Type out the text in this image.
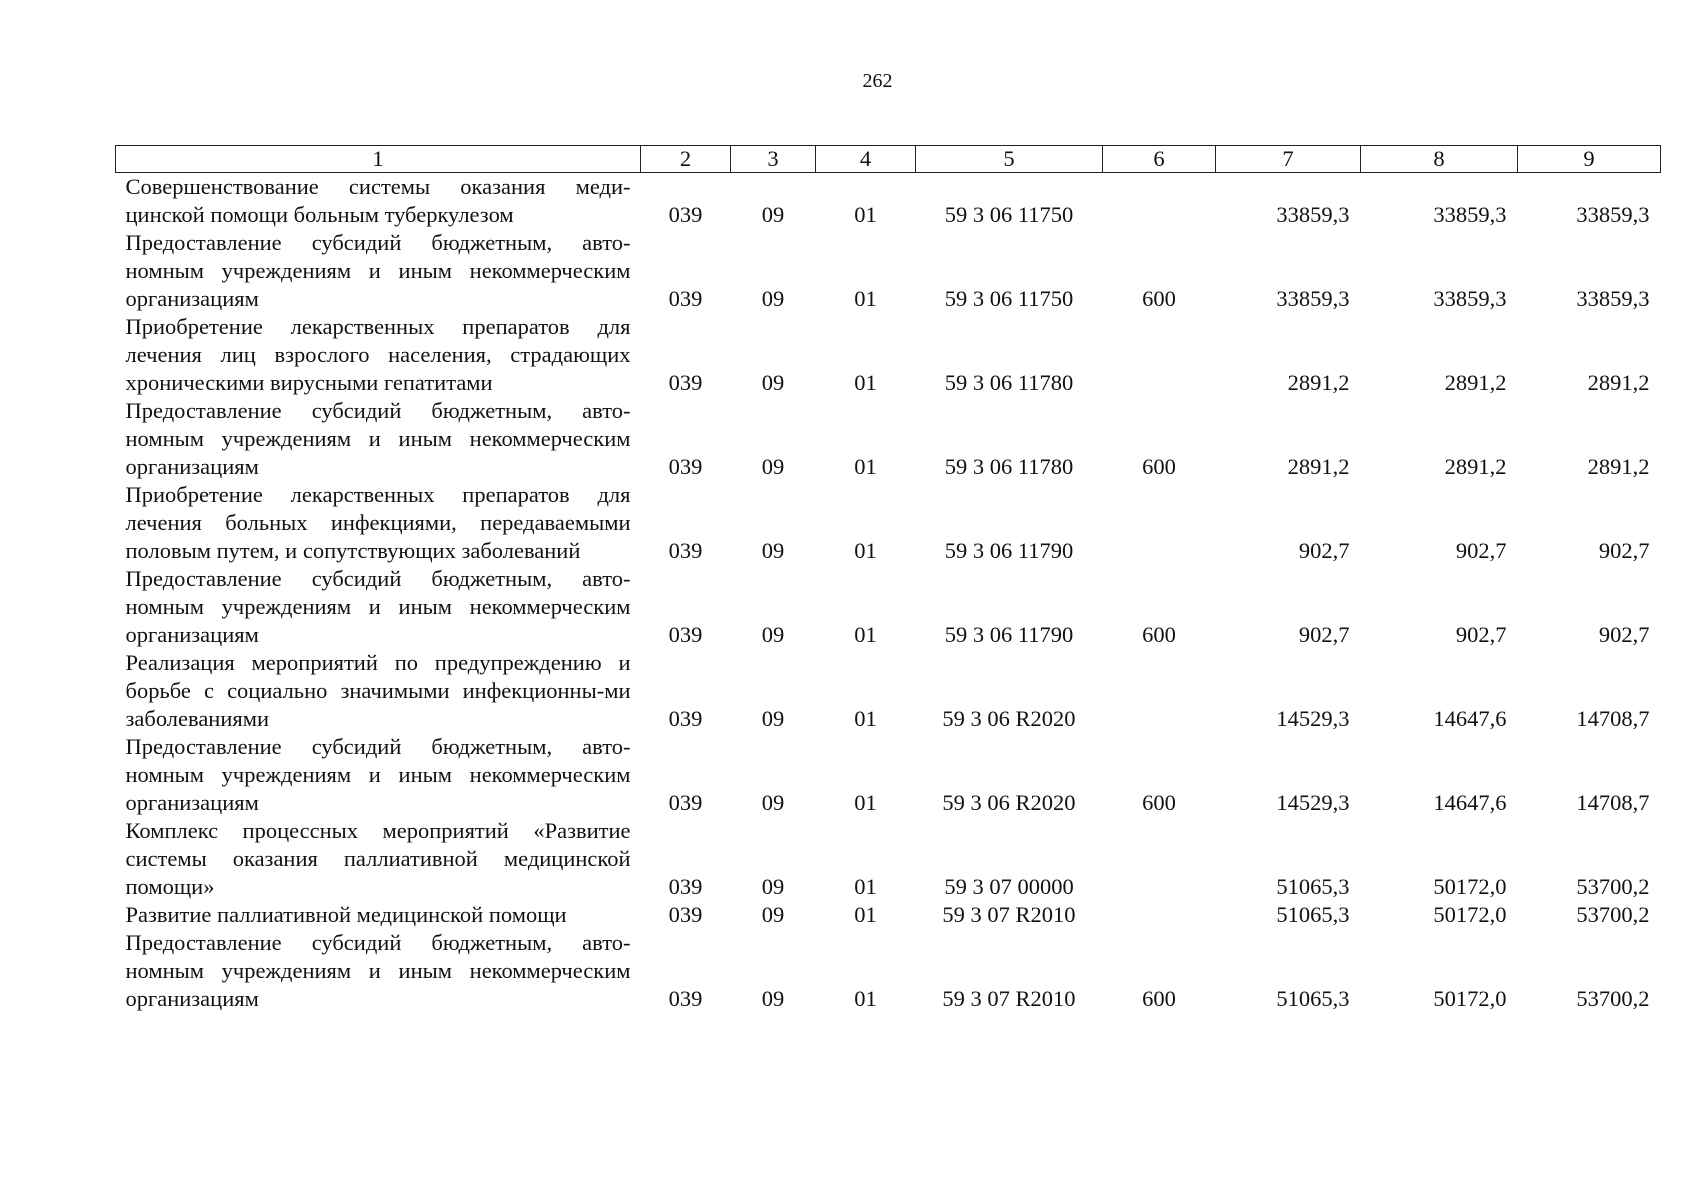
262
1	2	3	4	5	6	7	8	9
Совершенствование системы оказания меди-цинской помощи больным туберкулезом	039	09	01	59 3 06 11750		33859,3	33859,3	33859,3
Предоставление субсидий бюджетным, авто-номным учреждениям и иным некоммерческим организациям	039	09	01	59 3 06 11750	600	33859,3	33859,3	33859,3
Приобретение лекарственных препаратов для лечения лиц взрослого населения, страдающих хроническими вирусными гепатитами	039	09	01	59 3 06 11780		2891,2	2891,2	2891,2
Предоставление субсидий бюджетным, авто-номным учреждениям и иным некоммерческим организациям	039	09	01	59 3 06 11780	600	2891,2	2891,2	2891,2
Приобретение лекарственных препаратов для лечения больных инфекциями, передаваемыми половым путем, и сопутствующих заболеваний	039	09	01	59 3 06 11790		902,7	902,7	902,7
Предоставление субсидий бюджетным, авто-номным учреждениям и иным некоммерческим организациям	039	09	01	59 3 06 11790	600	902,7	902,7	902,7
Реализация мероприятий по предупреждению и борьбе с социально значимыми инфекционны-ми заболеваниями	039	09	01	59 3 06 R2020		14529,3	14647,6	14708,7
Предоставление субсидий бюджетным, авто-номным учреждениям и иным некоммерческим организациям	039	09	01	59 3 06 R2020	600	14529,3	14647,6	14708,7
Комплекс процессных мероприятий «Развитие системы оказания паллиативной медицинской помощи»	039	09	01	59 3 07 00000		51065,3	50172,0	53700,2
Развитие паллиативной медицинской помощи	039	09	01	59 3 07 R2010		51065,3	50172,0	53700,2
Предоставление субсидий бюджетным, авто-номным учреждениям и иным некоммерческим организациям	039	09	01	59 3 07 R2010	600	51065,3	50172,0	53700,2
